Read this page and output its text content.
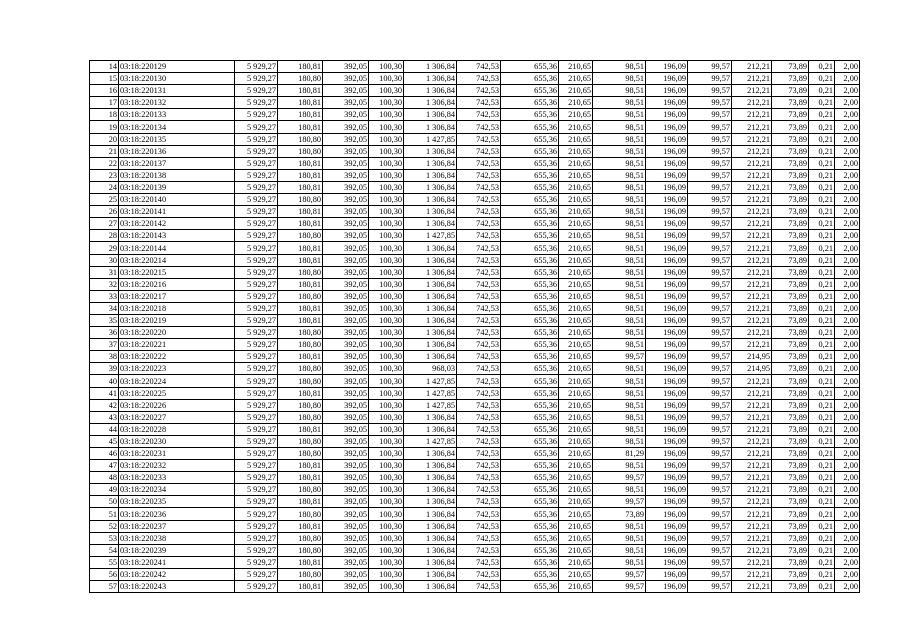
14	03:18:220129	5 929,27	180,81	392,05	100,30	1 306,84	742,53	655,36	210,65	98,51	196,09	99,57	212,21	73,89	0,21	2,00
15	03:18:220130	5 929,27	180,80	392,05	100,30	1 306,84	742,53	655,36	210,65	98,51	196,09	99,57	212,21	73,89	0,21	2,00
16	03:18:220131	5 929,27	180,81	392,05	100,30	1 306,84	742,53	655,36	210,65	98,51	196,09	99,57	212,21	73,89	0,21	2,00
17	03:18:220132	5 929,27	180,81	392,05	100,30	1 306,84	742,53	655,36	210,65	98,51	196,09	99,57	212,21	73,89	0,21	2,00
18	03:18:220133	5 929,27	180,81	392,05	100,30	1 306,84	742,53	655,36	210,65	98,51	196,09	99,57	212,21	73,89	0,21	2,00
19	03:18:220134	5 929,27	180,81	392,05	100,30	1 306,84	742,53	655,36	210,65	98,51	196,09	99,57	212,21	73,89	0,21	2,00
20	03:18:220135	5 929,27	180,80	392,05	100,30	1 427,85	742,53	655,36	210,65	98,51	196,09	99,57	212,21	73,89	0,21	2,00
21	03:18:220136	5 929,27	180,80	392,05	100,30	1 306,84	742,53	655,36	210,65	98,51	196,09	99,57	212,21	73,89	0,21	2,00
22	03:18:220137	5 929,27	180,81	392,05	100,30	1 306,84	742,53	655,36	210,65	98,51	196,09	99,57	212,21	73,89	0,21	2,00
23	03:18:220138	5 929,27	180,81	392,05	100,30	1 306,84	742,53	655,36	210,65	98,51	196,09	99,57	212,21	73,89	0,21	2,00
24	03:18:220139	5 929,27	180,81	392,05	100,30	1 306,84	742,53	655,36	210,65	98,51	196,09	99,57	212,21	73,89	0,21	2,00
25	03:18:220140	5 929,27	180,80	392,05	100,30	1 306,84	742,53	655,36	210,65	98,51	196,09	99,57	212,21	73,89	0,21	2,00
26	03:18:220141	5 929,27	180,81	392,05	100,30	1 306,84	742,53	655,36	210,65	98,51	196,09	99,57	212,21	73,89	0,21	2,00
27	03:18:220142	5 929,27	180,81	392,05	100,30	1 306,84	742,53	655,36	210,65	98,51	196,09	99,57	212,21	73,89	0,21	2,00
28	03:18:220143	5 929,27	180,80	392,05	100,30	1 427,85	742,53	655,36	210,65	98,51	196,09	99,57	212,21	73,89	0,21	2,00
29	03:18:220144	5 929,27	180,81	392,05	100,30	1 306,84	742,53	655,36	210,65	98,51	196,09	99,57	212,21	73,89	0,21	2,00
30	03:18:220214	5 929,27	180,81	392,05	100,30	1 306,84	742,53	655,36	210,65	98,51	196,09	99,57	212,21	73,89	0,21	2,00
31	03:18:220215	5 929,27	180,80	392,05	100,30	1 306,84	742,53	655,36	210,65	98,51	196,09	99,57	212,21	73,89	0,21	2,00
32	03:18:220216	5 929,27	180,81	392,05	100,30	1 306,84	742,53	655,36	210,65	98,51	196,09	99,57	212,21	73,89	0,21	2,00
33	03:18:220217	5 929,27	180,80	392,05	100,30	1 306,84	742,53	655,36	210,65	98,51	196,09	99,57	212,21	73,89	0,21	2,00
34	03:18:220218	5 929,27	180,81	392,05	100,30	1 306,84	742,53	655,36	210,65	98,51	196,09	99,57	212,21	73,89	0,21	2,00
35	03:18:220219	5 929,27	180,81	392,05	100,30	1 306,84	742,53	655,36	210,65	98,51	196,09	99,57	212,21	73,89	0,21	2,00
36	03:18:220220	5 929,27	180,80	392,05	100,30	1 306,84	742,53	655,36	210,65	98,51	196,09	99,57	212,21	73,89	0,21	2,00
37	03:18:220221	5 929,27	180,80	392,05	100,30	1 306,84	742,53	655,36	210,65	98,51	196,09	99,57	212,21	73,89	0,21	2,00
38	03:18:220222	5 929,27	180,81	392,05	100,30	1 306,84	742,53	655,36	210,65	99,57	196,09	99,57	214,95	73,89	0,21	2,00
39	03:18:220223	5 929,27	180,80	392,05	100,30	968,03	742,53	655,36	210,65	98,51	196,09	99,57	214,95	73,89	0,21	2,00
40	03:18:220224	5 929,27	180,80	392,05	100,30	1 427,85	742,53	655,36	210,65	98,51	196,09	99,57	212,21	73,89	0,21	2,00
41	03:18:220225	5 929,27	180,81	392,05	100,30	1 427,85	742,53	655,36	210,65	98,51	196,09	99,57	212,21	73,89	0,21	2,00
42	03:18:220226	5 929,27	180,80	392,05	100,30	1 427,85	742,53	655,36	210,65	98,51	196,09	99,57	212,21	73,89	0,21	2,00
43	03:18:220227	5 929,27	180,80	392,05	100,30	1 306,84	742,53	655,36	210,65	98,51	196,09	99,57	212,21	73,89	0,21	2,00
44	03:18:220228	5 929,27	180,81	392,05	100,30	1 306,84	742,53	655,36	210,65	98,51	196,09	99,57	212,21	73,89	0,21	2,00
45	03:18:220230	5 929,27	180,80	392,05	100,30	1 427,85	742,53	655,36	210,65	98,51	196,09	99,57	212,21	73,89	0,21	2,00
46	03:18:220231	5 929,27	180,80	392,05	100,30	1 306,84	742,53	655,36	210,65	81,29	196,09	99,57	212,21	73,89	0,21	2,00
47	03:18:220232	5 929,27	180,81	392,05	100,30	1 306,84	742,53	655,36	210,65	98,51	196,09	99,57	212,21	73,89	0,21	2,00
48	03:18:220233	5 929,27	180,81	392,05	100,30	1 306,84	742,53	655,36	210,65	99,57	196,09	99,57	212,21	73,89	0,21	2,00
49	03:18:220234	5 929,27	180,80	392,05	100,30	1 306,84	742,53	655,36	210,65	98,51	196,09	99,57	212,21	73,89	0,21	2,00
50	03:18:220235	5 929,27	180,81	392,05	100,30	1 306,84	742,53	655,36	210,65	99,57	196,09	99,57	212,21	73,89	0,21	2,00
51	03:18:220236	5 929,27	180,80	392,05	100,30	1 306,84	742,53	655,36	210,65	73,89	196,09	99,57	212,21	73,89	0,21	2,00
52	03:18:220237	5 929,27	180,81	392,05	100,30	1 306,84	742,53	655,36	210,65	98,51	196,09	99,57	212,21	73,89	0,21	2,00
53	03:18:220238	5 929,27	180,80	392,05	100,30	1 306,84	742,53	655,36	210,65	98,51	196,09	99,57	212,21	73,89	0,21	2,00
54	03:18:220239	5 929,27	180,80	392,05	100,30	1 306,84	742,53	655,36	210,65	98,51	196,09	99,57	212,21	73,89	0,21	2,00
55	03:18:220241	5 929,27	180,81	392,05	100,30	1 306,84	742,53	655,36	210,65	98,51	196,09	99,57	212,21	73,89	0,21	2,00
56	03:18:220242	5 929,27	180,80	392,05	100,30	1 306,84	742,53	655,36	210,65	99,57	196,09	99,57	212,21	73,89	0,21	2,00
57	03:18:220243	5 929,27	180,81	392,05	100,30	1 306,84	742,53	655,36	210,65	99,57	196,09	99,57	212,21	73,89	0,21	2,00
